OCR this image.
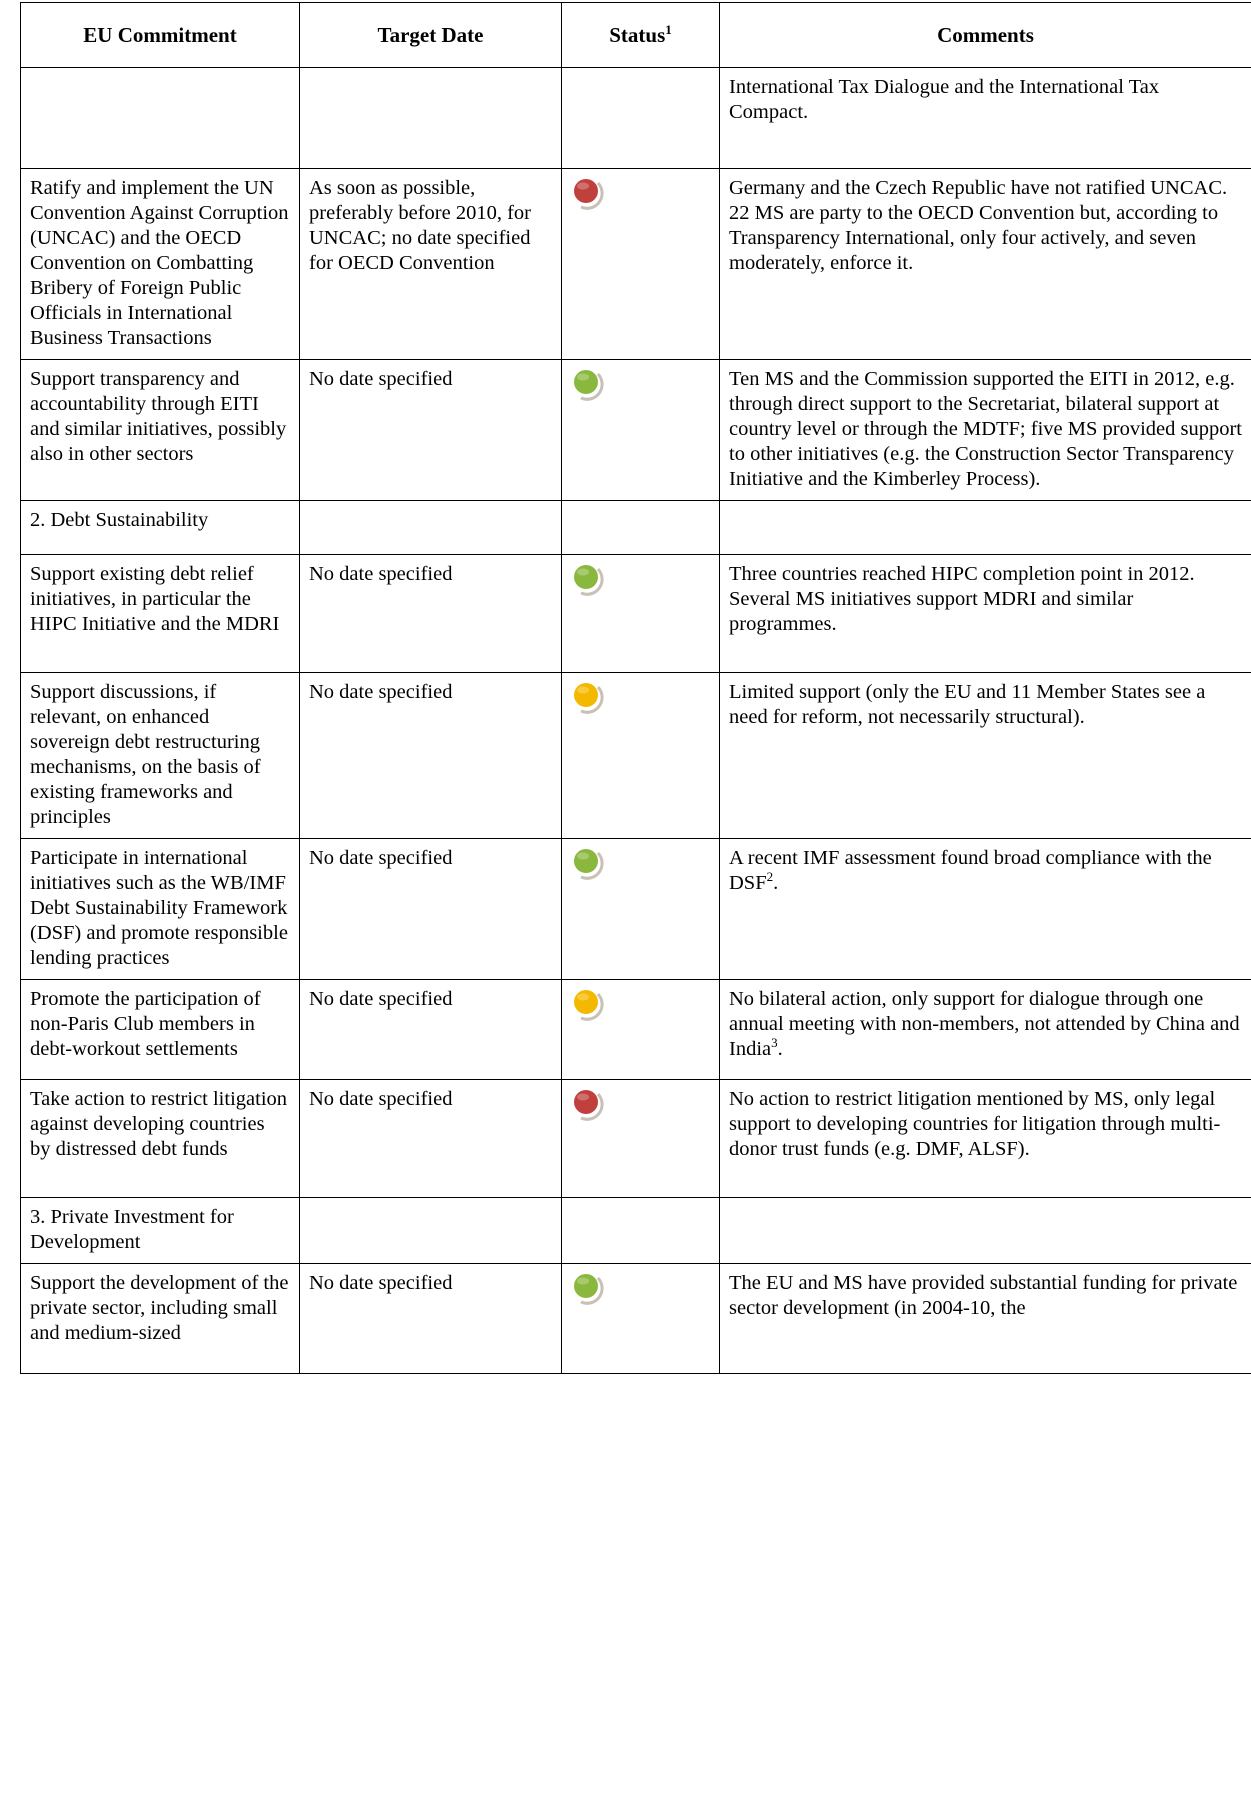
EU Commitment	Target Date	Status$^1$	Comments
			International Tax Dialogue and the International Tax Compact.
Ratify and implement the UN Convention Against Corruption (UNCAC) and the OECD Convention on Combatting Bribery of Foreign Public Officials in International Business Transactions	As soon as possible, preferably before 2010, for UNCAC; no date specified for OECD Convention		Germany and the Czech Republic have not ratified UNCAC. 22 MS are party to the OECD Convention but, according to Transparency International, only four actively, and seven moderately, enforce it.
Support transparency and accountability through EITI and similar initiatives, possibly also in other sectors	No date specified		Ten MS and the Commission supported the EITI in 2012, e.g. through direct support to the Secretariat, bilateral support at country level or through the MDTF; five MS provided support to other initiatives (e.g. the Construction Sector Transparency Initiative and the Kimberley Process).
2. Debt Sustainability			
Support existing debt relief initiatives, in particular the HIPC Initiative and the MDRI	No date specified		Three countries reached HIPC completion point in 2012. Several MS initiatives support MDRI and similar programmes.
Support discussions, if relevant, on enhanced sovereign debt restructuring mechanisms, on the basis of existing frameworks and principles	No date specified		Limited support (only the EU and 11 Member States see a need for reform, not necessarily structural).
Participate in international initiatives such as the WB/IMF Debt Sustainability Framework (DSF) and promote responsible lending practices	No date specified		A recent IMF assessment found broad compliance with the DSF$^2$.
Promote the participation of non-Paris Club members in debt-workout settlements	No date specified		No bilateral action, only support for dialogue through one annual meeting with non-members, not attended by China and India$^3$.
Take action to restrict litigation against developing countries by distressed debt funds	No date specified		No action to restrict litigation mentioned by MS, only legal support to developing countries for litigation through multi-donor trust funds (e.g. DMF, ALSF).
3. Private Investment for Development			
Support the development of the private sector, including small and medium-sized	No date specified		The EU and MS have provided substantial funding for private sector development (in 2004-10, the
